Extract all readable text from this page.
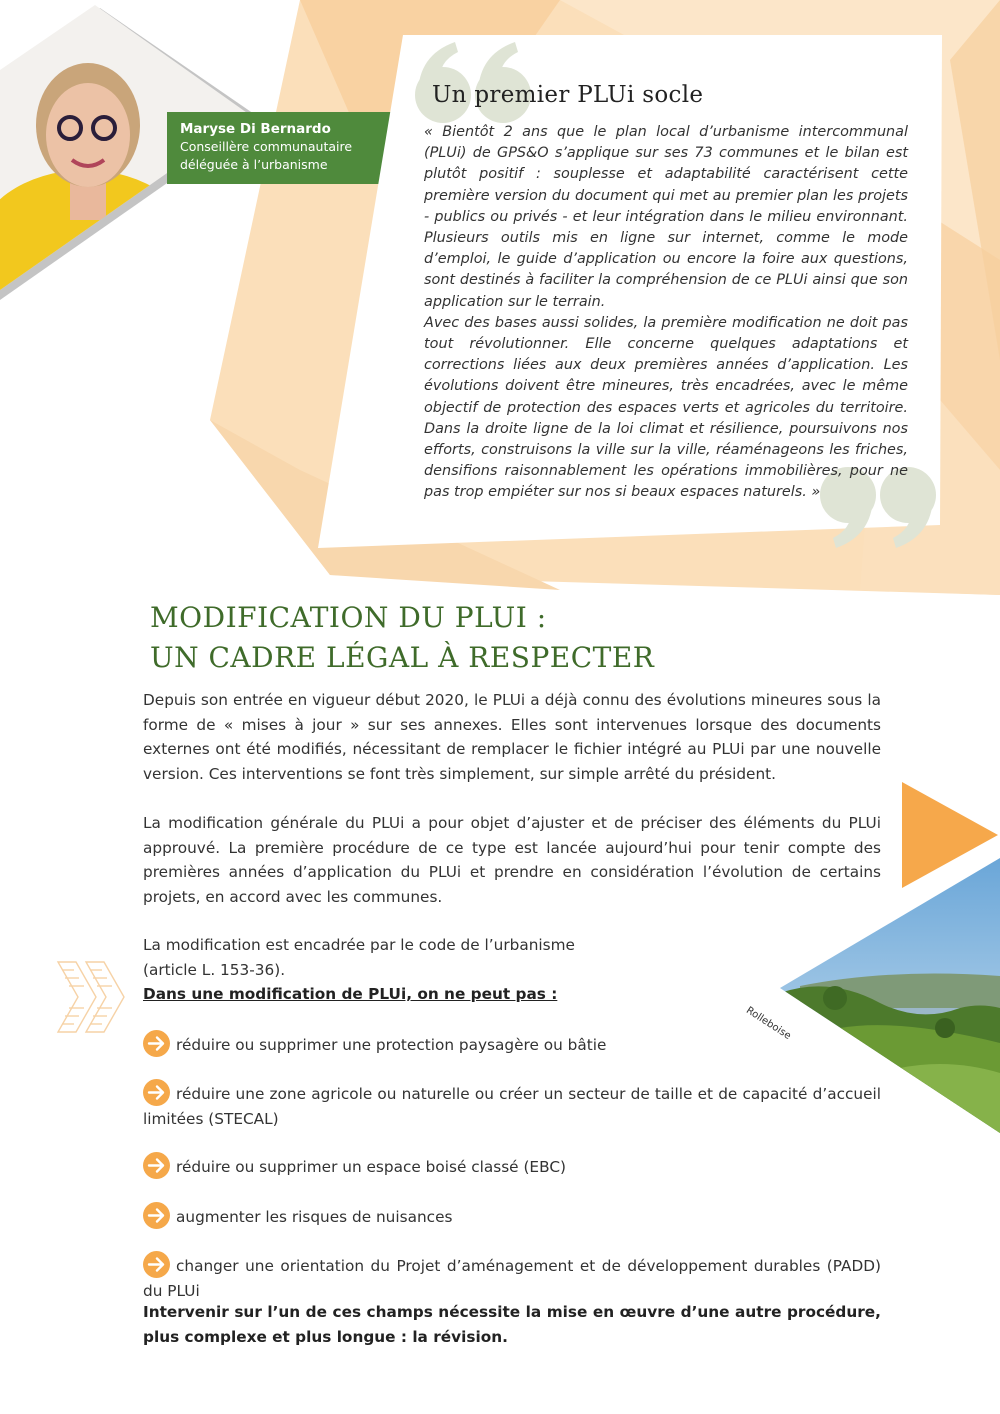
Maryse Di Bernardo
Conseillère communautaire
déléguée à l’urbanisme
Un premier PLUi socle

« Bientôt 2 ans que le plan local d’urbanisme intercommunal (PLUi) de GPS&O s’applique sur ses 73 communes et le bilan est plutôt positif : souplesse et adaptabilité caractérisent cette première version du document qui met au premier plan les projets - publics ou privés - et leur intégration dans le milieu environnant. Plusieurs outils mis en ligne sur internet, comme le mode d’emploi, le guide d’application ou encore la foire aux questions, sont destinés à faciliter la compréhension de ce PLUi ainsi que son application sur le terrain.

Avec des bases aussi solides, la première modification ne doit pas tout révolutionner. Elle concerne quelques adaptations et corrections liées aux deux premières années d’application. Les évolutions doivent être mineures, très encadrées, avec le même objectif de protection des espaces verts et agricoles du territoire. Dans la droite ligne de la loi climat et résilience, poursuivons nos efforts, construisons la ville sur la ville, réaménageons les friches, densifions raisonnablement les opérations immobilières, pour ne pas trop empiéter sur nos si beaux espaces naturels. »

MODIFICATION DU PLUI :
UN CADRE LÉGAL À RESPECTER

Depuis son entrée en vigueur début 2020, le PLUi a déjà connu des évolutions mineures sous la forme de « mises à jour » sur ses annexes. Elles sont intervenues lorsque des documents externes ont été modifiés, nécessitant de remplacer le fichier intégré au PLUi par une nouvelle version. Ces interventions se font très simplement, sur simple arrêté du président.

La modification générale du PLUi a pour objet d’ajuster et de préciser des éléments du PLUi approuvé. La première procédure de ce type est lancée aujourd’hui pour tenir compte des premières années d’application du PLUi et prendre en considération l’évolution de certains projets, en accord avec les communes.

La modification est encadrée par le code de l’urbanisme
(article L. 153-36).
Dans une modification de PLUi, on ne peut pas :
réduire ou supprimer une protection paysagère ou bâtie
réduire une zone agricole ou naturelle ou créer un secteur de taille et de capacité d’accueil limitées (STECAL)
réduire ou supprimer un espace boisé classé (EBC)
augmenter les risques de nuisances
changer une orientation du Projet d’aménagement et de développement durables (PADD) du PLUi
Intervenir sur l’un de ces champs nécessite la mise en œuvre d’une autre procédure, plus complexe et plus longue : la révision.
Rolleboise
